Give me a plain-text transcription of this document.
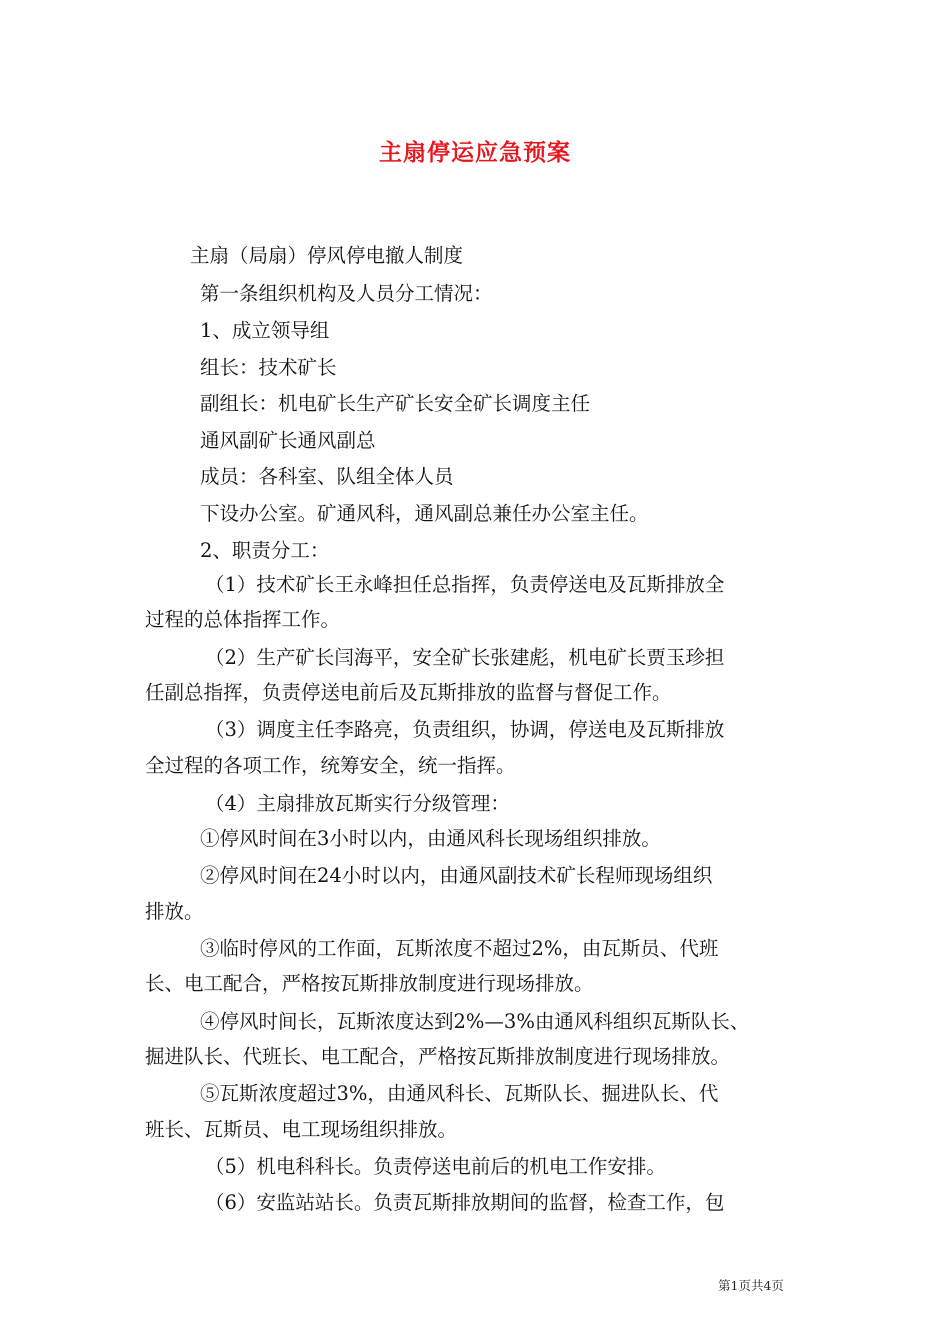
主扇停运应急预案
主扇（局扇）停风停电撤人制度
第一条组织机构及人员分工情况：
1、成立领导组
组长：技术矿长
副组长：机电矿长生产矿长安全矿长调度主任
通风副矿长通风副总
成员：各科室、队组全体人员
下设办公室。矿通风科，通风副总兼任办公室主任。
2、职责分工：
（1）技术矿长王永峰担任总指挥，负责停送电及瓦斯排放全
过程的总体指挥工作。
（2）生产矿长闫海平，安全矿长张建彪，机电矿长贾玉珍担
任副总指挥，负责停送电前后及瓦斯排放的监督与督促工作。
（3）调度主任李路亮，负责组织，协调，停送电及瓦斯排放
全过程的各项工作，统筹安全，统一指挥。
（4）主扇排放瓦斯实行分级管理：
①停风时间在3小时以内，由通风科长现场组织排放。
②停风时间在24小时以内，由通风副技术矿长程师现场组织
排放。
③临时停风的工作面，瓦斯浓度不超过2%，由瓦斯员、代班
长、电工配合，严格按瓦斯排放制度进行现场排放。
④停风时间长，瓦斯浓度达到2%—3%由通风科组织瓦斯队长、
掘进队长、代班长、电工配合，严格按瓦斯排放制度进行现场排放。
⑤瓦斯浓度超过3%，由通风科长、瓦斯队长、掘进队长、代
班长、瓦斯员、电工现场组织排放。
（5）机电科科长。负责停送电前后的机电工作安排。
（6）安监站站长。负责瓦斯排放期间的监督，检查工作，包
第1页共4页
